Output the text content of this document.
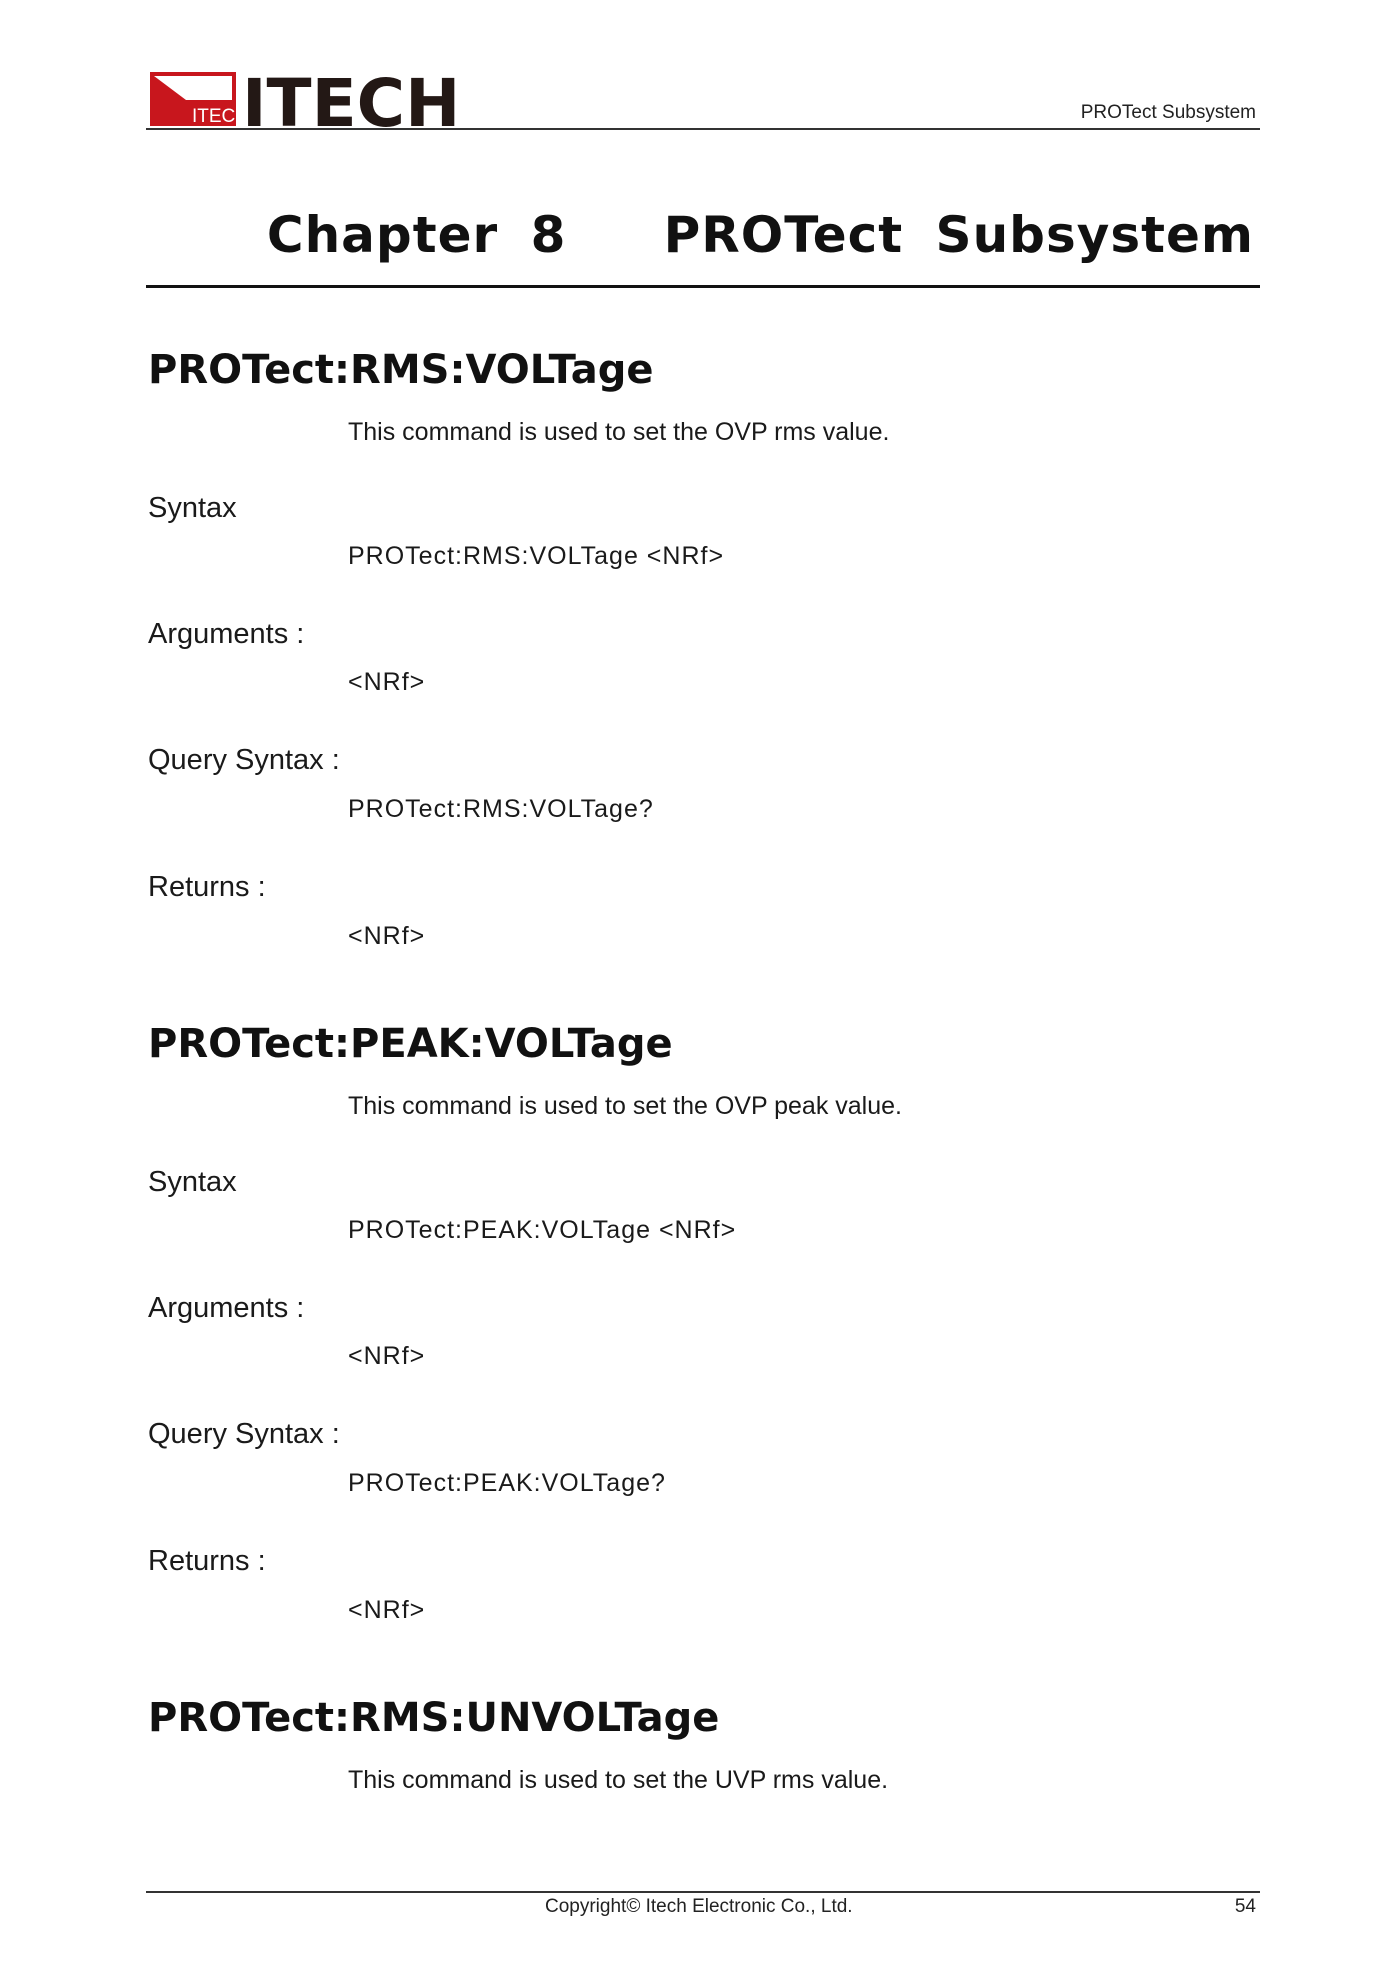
ITECH
ITECH	PROTect Subsystem
Chapter 8   PROTect Subsystem
PROTect:RMS:VOLTage
This command is used to set the OVP rms value.
Syntax
PROTect:RMS:VOLTage <NRf>
Arguments :
<NRf>
Query Syntax :
PROTect:RMS:VOLTage?
Returns :
<NRf>
PROTect:PEAK:VOLTage
This command is used to set the OVP peak value.
Syntax
PROTect:PEAK:VOLTage <NRf>
Arguments :
<NRf>
Query Syntax :
PROTect:PEAK:VOLTage?
Returns :
<NRf>
PROTect:RMS:UNVOLTage
This command is used to set the UVP rms value.
Copyright© Itech Electronic Co., Ltd.	54
